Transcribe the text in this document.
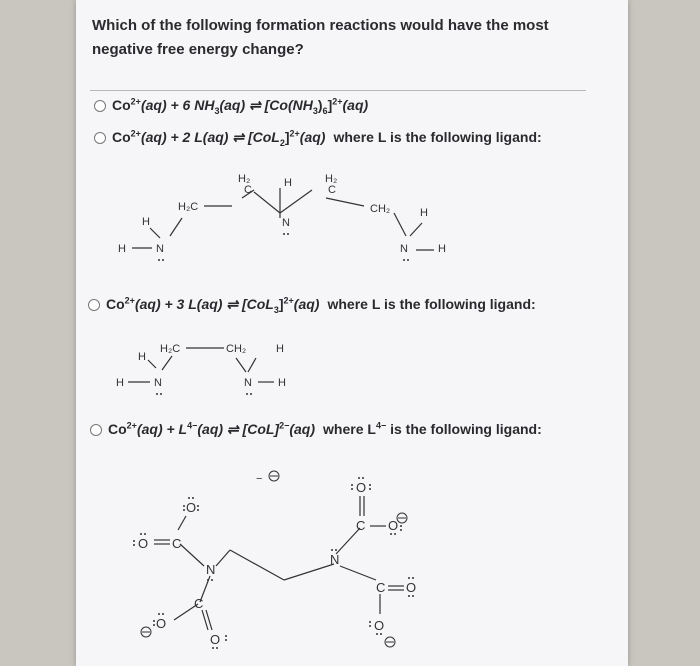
Which of the following formation reactions would have the most negative free energy change?
$Co^{2+}(aq) + 6$ $NH_3(aq)$ ⇌ $[Co(NH_3)_6]^{2+}(aq)$
$Co^{2+}(aq) + 2$ L(aq) ⇌ $[CoL_2]^{2+}(aq)$ where L is the following ligand:
H₂
C
H	H₂
C
H₂C	CH₂	H
N
H
H	N	N	H
$Co^{2+}(aq) + 3$ L(aq) ⇌ $[CoL_3]^{2+}(aq)$ where L is the following ligand:
H₂C	CH₂	H
H
H	N	N H
$Co^{2+}(aq) + L^{4-}(aq)$ ⇌ [CoL]$^{2-}$(aq) where $L^{4-}$ is the following ligand:
−
O
O C
N
O
C
O
N
O
C O
C O
O
